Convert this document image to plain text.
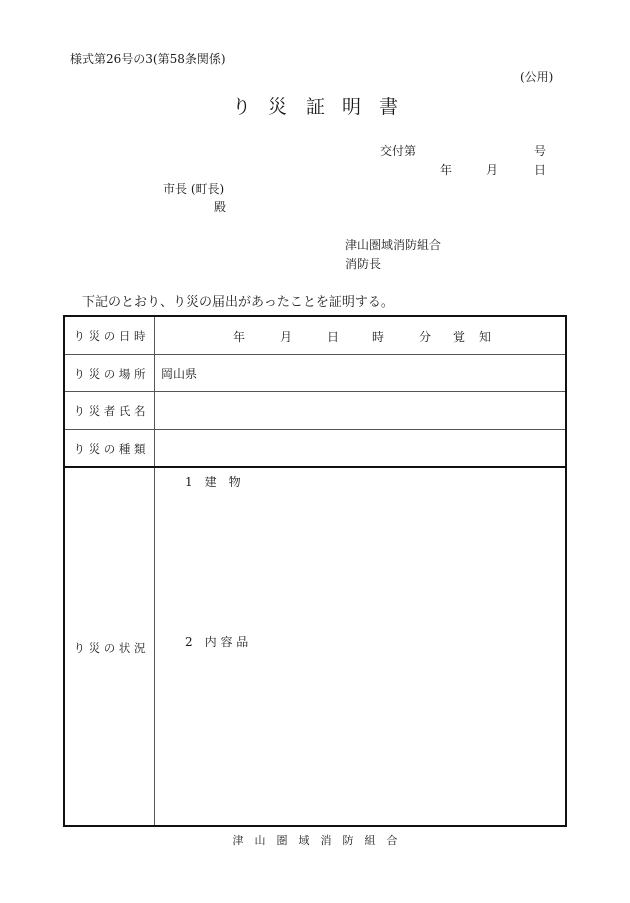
様式第26号の3(第58条関係)
(公用)
り 災 証 明 書
交付第	号
年	月	日
市長 (町長)
殿
津山圏域消防組合
消防長
下記のとおり、り災の届出があったことを証明する。
り 災 の 日 時	年	月	日	時	分 覚 知
り 災 の 場 所	岡山県
り 災 者 氏 名
り 災 の 種 類
り 災 の 状 況
1　建　物
2　内 容 品
津　山　圏　域　消　防　組　合
